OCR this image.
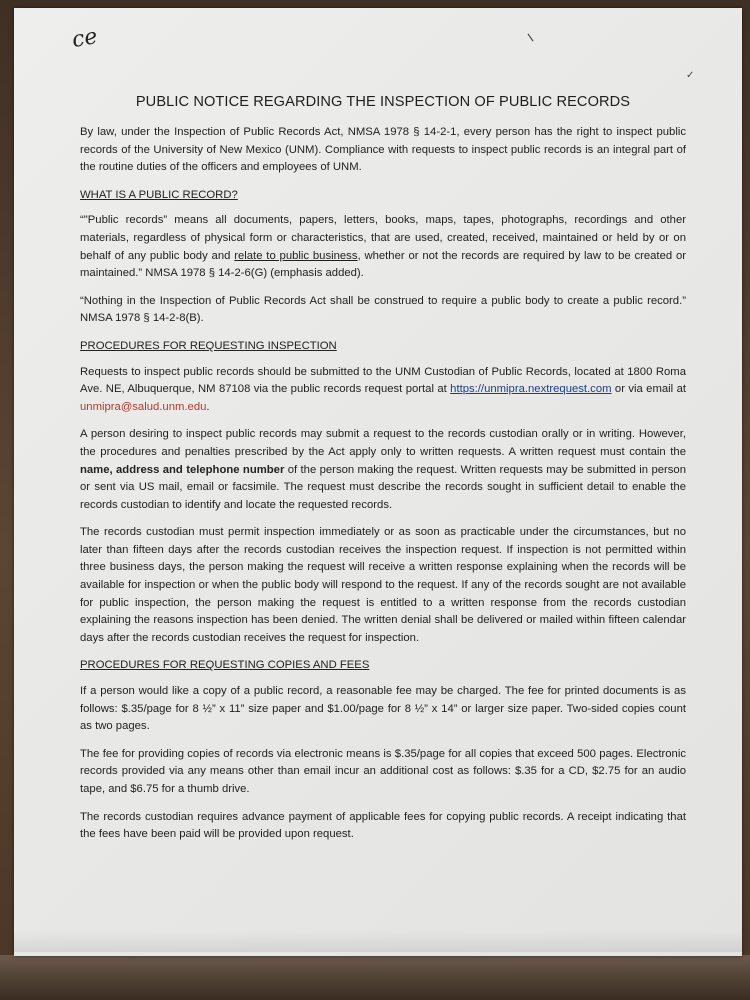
ce
✓
PUBLIC NOTICE REGARDING THE INSPECTION OF PUBLIC RECORDS

By law, under the Inspection of Public Records Act, NMSA 1978 § 14-2-1, every person has the right to inspect public records of the University of New Mexico (UNM). Compliance with requests to inspect public records is an integral part of the routine duties of the officers and employees of UNM.

WHAT IS A PUBLIC RECORD?

“"Public records” means all documents, papers, letters, books, maps, tapes, photographs, recordings and other materials, regardless of physical form or characteristics, that are used, created, received, maintained or held by or on behalf of any public body and relate to public business, whether or not the records are required by law to be created or maintained.” NMSA 1978 § 14-2-6(G) (emphasis added).

“Nothing in the Inspection of Public Records Act shall be construed to require a public body to create a public record.” NMSA 1978 § 14-2-8(B).

PROCEDURES FOR REQUESTING INSPECTION

Requests to inspect public records should be submitted to the UNM Custodian of Public Records, located at 1800 Roma Ave. NE, Albuquerque, NM 87108 via the public records request portal at https://unmipra.nextrequest.com or via email at unmipra@salud.unm.edu.

A person desiring to inspect public records may submit a request to the records custodian orally or in writing. However, the procedures and penalties prescribed by the Act apply only to written requests. A written request must contain the name, address and telephone number of the person making the request. Written requests may be submitted in person or sent via US mail, email or facsimile. The request must describe the records sought in sufficient detail to enable the records custodian to identify and locate the requested records.

The records custodian must permit inspection immediately or as soon as practicable under the circumstances, but no later than fifteen days after the records custodian receives the inspection request. If inspection is not permitted within three business days, the person making the request will receive a written response explaining when the records will be available for inspection or when the public body will respond to the request. If any of the records sought are not available for public inspection, the person making the request is entitled to a written response from the records custodian explaining the reasons inspection has been denied. The written denial shall be delivered or mailed within fifteen calendar days after the records custodian receives the request for inspection.

PROCEDURES FOR REQUESTING COPIES AND FEES

If a person would like a copy of a public record, a reasonable fee may be charged. The fee for printed documents is as follows: $.35/page for 8 ½” x 11” size paper and $1.00/page for 8 ½” x 14” or larger size paper. Two-sided copies count as two pages.

The fee for providing copies of records via electronic means is $.35/page for all copies that exceed 500 pages. Electronic records provided via any means other than email incur an additional cost as follows: $.35 for a CD, $2.75 for an audio tape, and $6.75 for a thumb drive.

The records custodian requires advance payment of applicable fees for copying public records. A receipt indicating that the fees have been paid will be provided upon request.
